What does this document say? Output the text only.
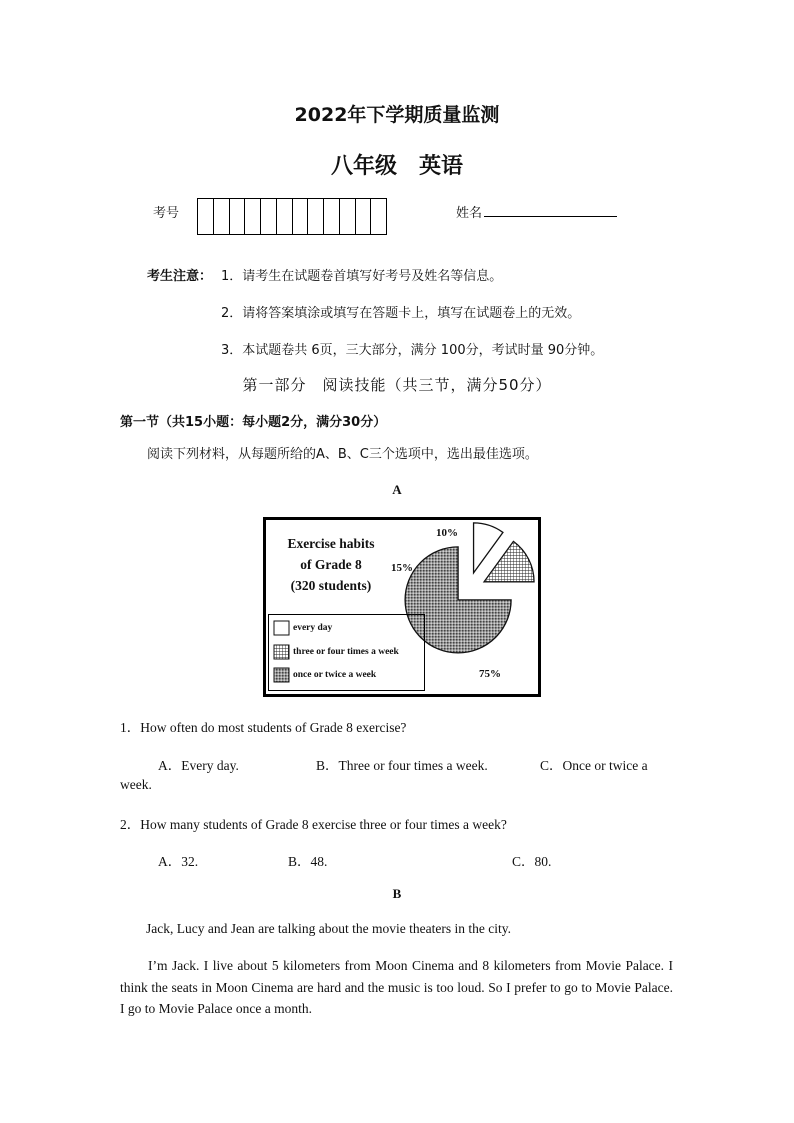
2022年下学期质量监测
八年级　英语
考号	姓名
考生注意： 1．请考生在试题卷首填写好考号及姓名等信息。
2．请将答案填涂或填写在答题卡上，填写在试题卷上的无效。
3．本试题卷共 6页，三大部分，满分 100分，考试时量 90分钟。
第一部分　阅读技能（共三节，满分50分）
第一节（共15小题：每小题2分，满分30分）
阅读下列材料，从每题所给的A、B、C三个选项中，选出最佳选项。
A
Exercise habits
of Grade 8
(320 students)
10%
15%
75%
every day
three or four times a week
once or twice a week
1．How often do most students of Grade 8 exercise?
A．Every day.	B．Three or four times a week.	C．Once or twice a
week.
2．How many students of Grade 8 exercise three or four times a week?
A．32.	B．48.	C．80.
B
Jack, Lucy and Jean are talking about the movie theaters in the city.
I’m Jack. I live about 5 kilometers from Moon Cinema and 8 kilometers from Movie Palace. I think the seats in Moon Cinema are hard and the music is too loud. So I prefer to go to Movie Palace. I go to Movie Palace once a month.
